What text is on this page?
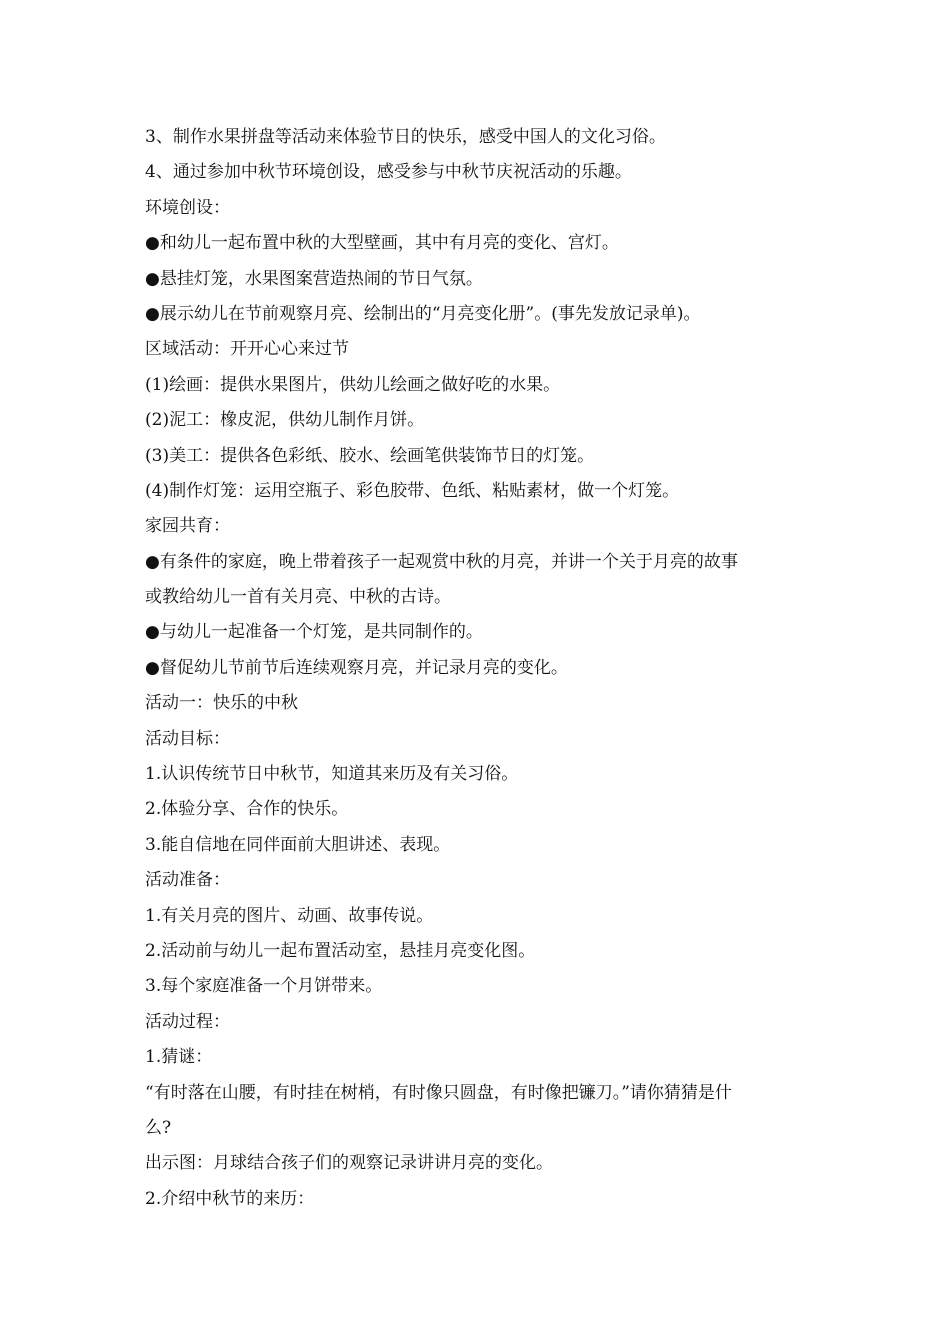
3、制作水果拼盘等活动来体验节日的快乐，感受中国人的文化习俗。
4、通过参加中秋节环境创设，感受参与中秋节庆祝活动的乐趣。
环境创设：
●和幼儿一起布置中秋的大型壁画，其中有月亮的变化、宫灯。
●悬挂灯笼，水果图案营造热闹的节日气氛。
●展示幼儿在节前观察月亮、绘制出的“月亮变化册”。(事先发放记录单)。
区域活动：开开心心来过节
(1)绘画：提供水果图片，供幼儿绘画之做好吃的水果。
(2)泥工：橡皮泥，供幼儿制作月饼。
(3)美工：提供各色彩纸、胶水、绘画笔供装饰节日的灯笼。
(4)制作灯笼：运用空瓶子、彩色胶带、色纸、粘贴素材，做一个灯笼。
家园共育：
●有条件的家庭，晚上带着孩子一起观赏中秋的月亮，并讲一个关于月亮的故事
或教给幼儿一首有关月亮、中秋的古诗。
●与幼儿一起准备一个灯笼，是共同制作的。
●督促幼儿节前节后连续观察月亮，并记录月亮的变化。
活动一：快乐的中秋
活动目标：
1.认识传统节日中秋节，知道其来历及有关习俗。
2.体验分享、合作的快乐。
3.能自信地在同伴面前大胆讲述、表现。
活动准备：
1.有关月亮的图片、动画、故事传说。
2.活动前与幼儿一起布置活动室，悬挂月亮变化图。
3.每个家庭准备一个月饼带来。
活动过程：
1.猜谜：
“有时落在山腰，有时挂在树梢，有时像只圆盘，有时像把镰刀。”请你猜猜是什
么?
出示图：月球结合孩子们的观察记录讲讲月亮的变化。
2.介绍中秋节的来历：
